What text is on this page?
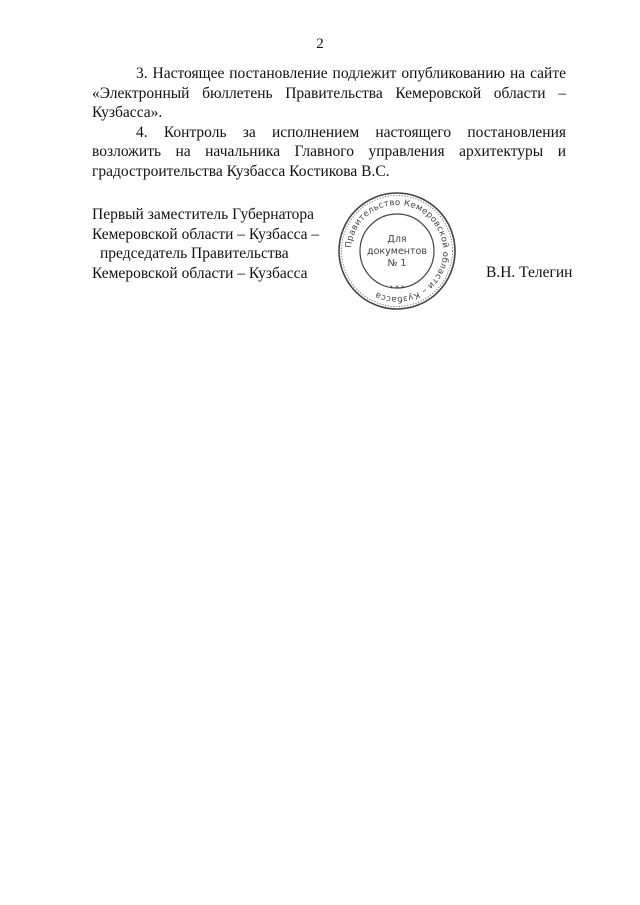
2

3. Настоящее постановление подлежит опубликованию на сайте «Электронный бюллетень Правительства Кемеровской области – Кузбасса».

4. Контроль за исполнением настоящего постановления возложить на начальника Главного управления архитектуры и градостроительства Кузбасса Костикова В.С.

Первый заместитель Губернатора
Кемеровской области – Кузбасса –
председатель Правительства
Кемеровской области – Кузбасса
Правительство Кемеровской области – Кузбасса
* * *
Для
документов
№ 1
В.Н. Телегин
